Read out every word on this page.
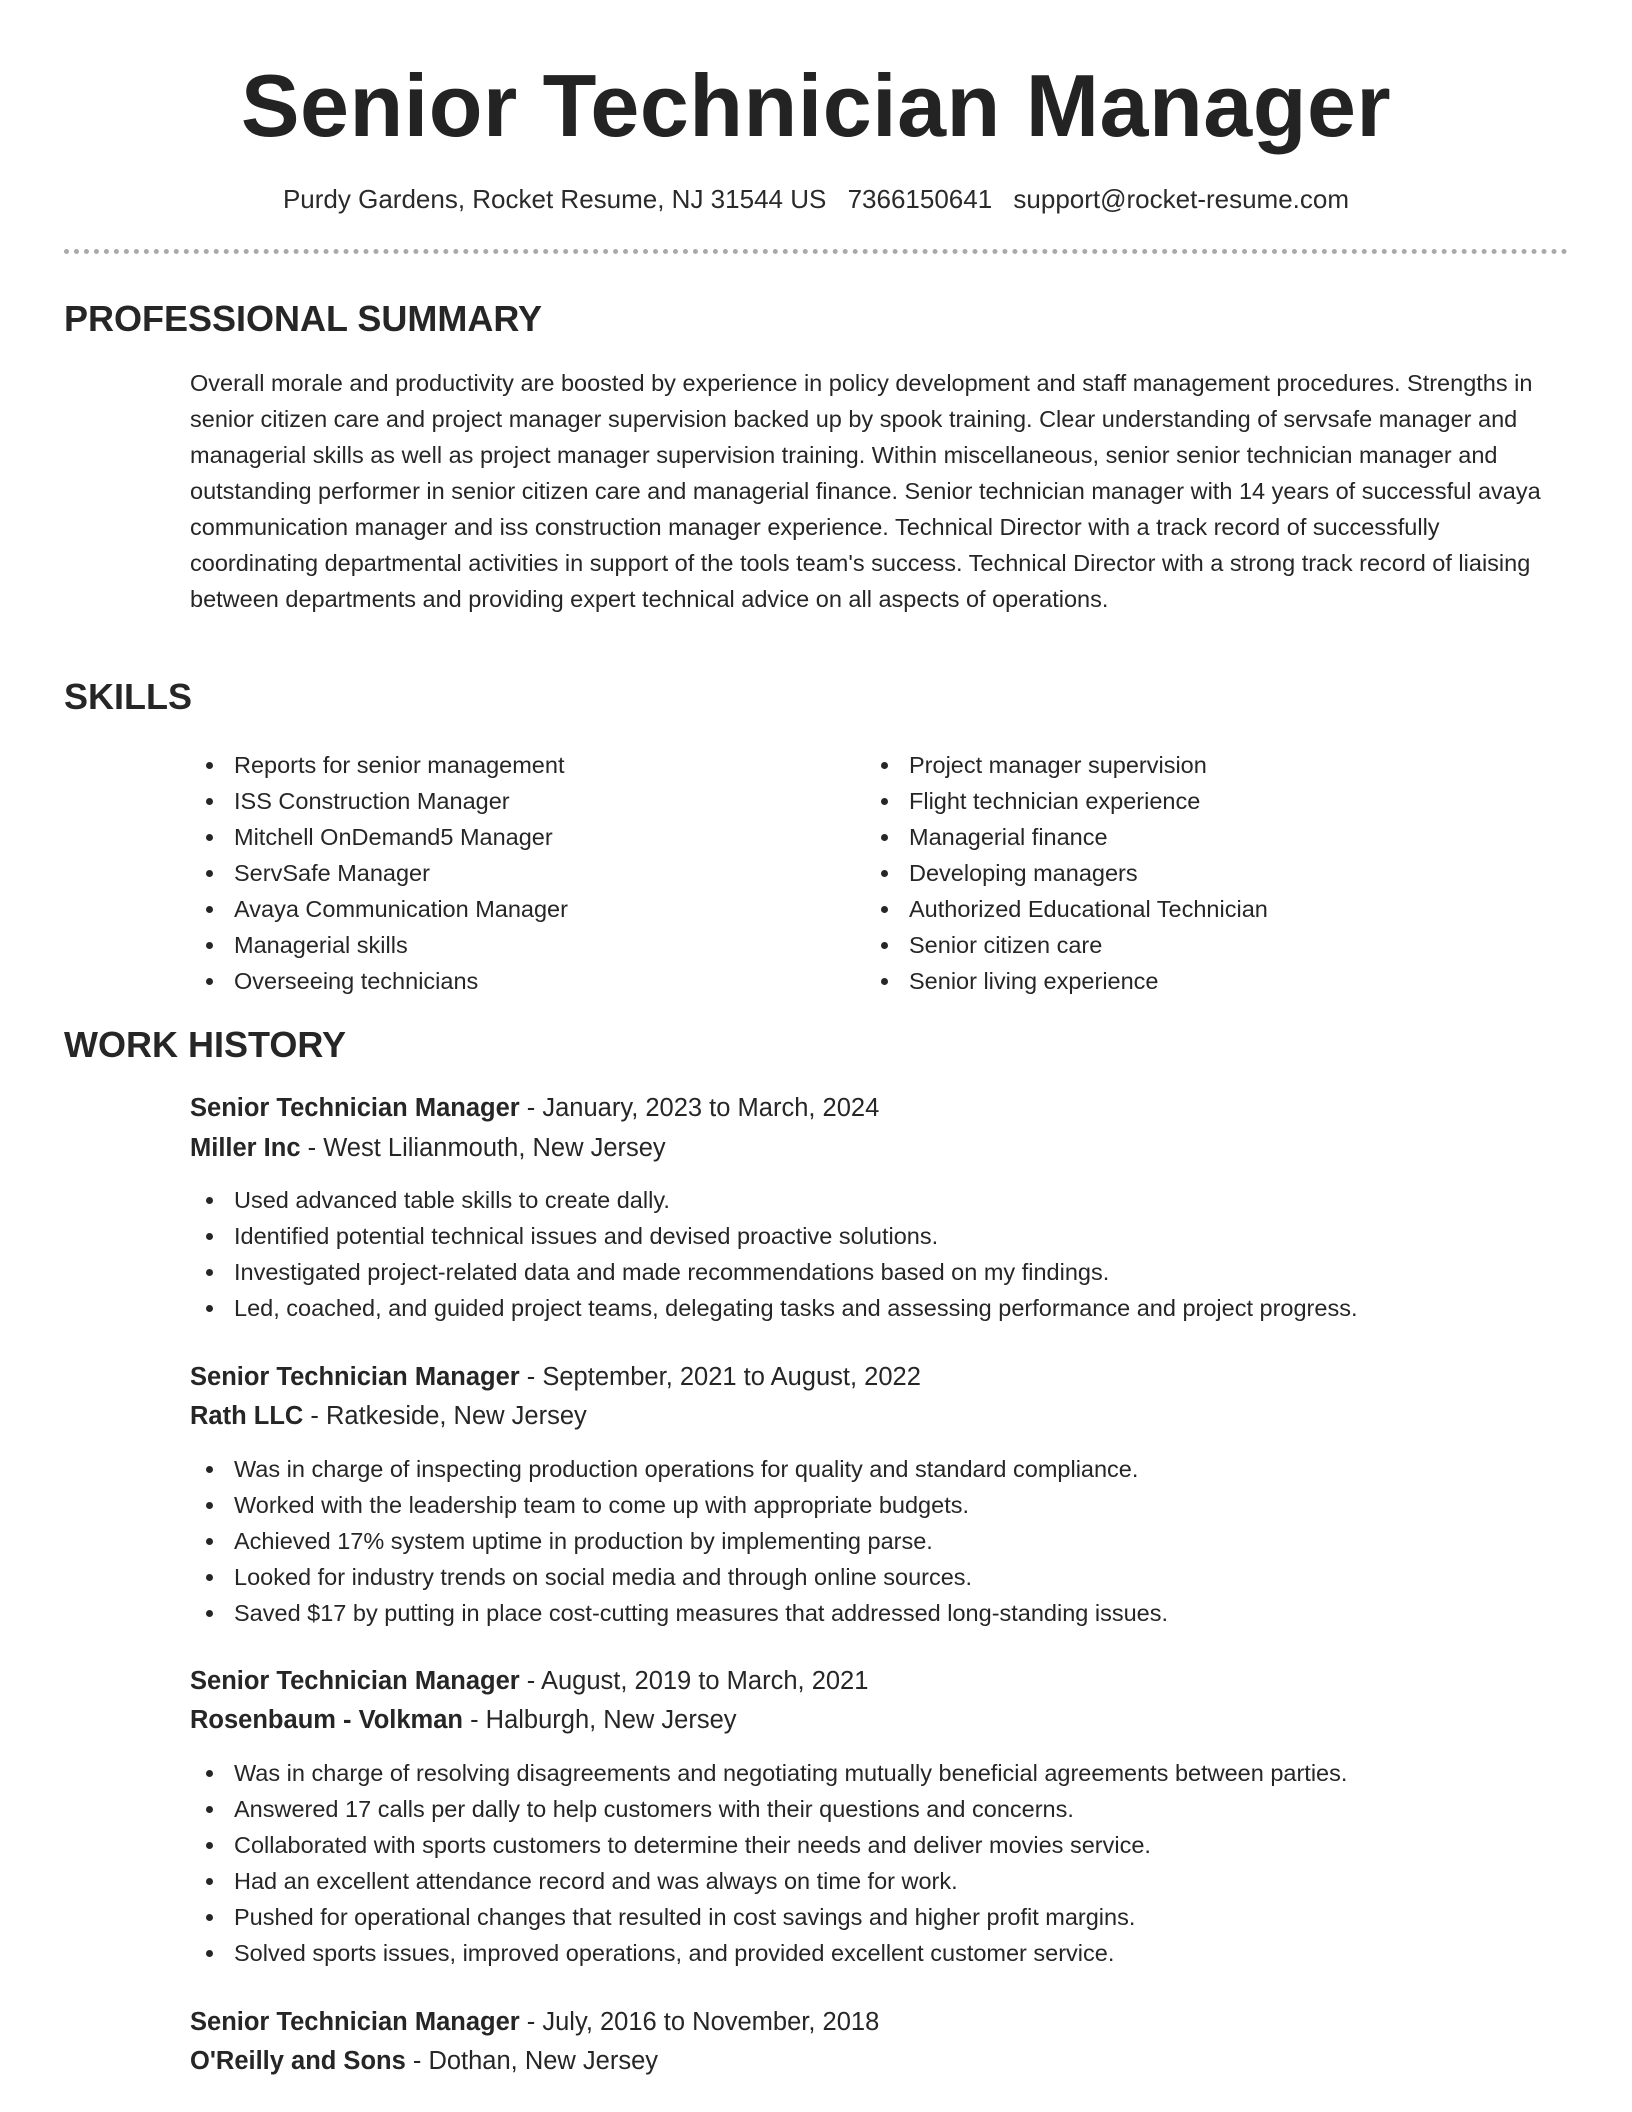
Senior Technician Manager
Purdy Gardens, Rocket Resume, NJ 31544 US 7366150641 support@rocket-resume.com
PROFESSIONAL SUMMARY

Overall morale and productivity are boosted by experience in policy development and staff management procedures. Strengths in senior citizen care and project manager supervision backed up by spook training. Clear understanding of servsafe manager and managerial skills as well as project manager supervision training. Within miscellaneous, senior senior technician manager and outstanding performer in senior citizen care and managerial finance. Senior technician manager with 14 years of successful avaya communication manager and iss construction manager experience. Technical Director with a track record of successfully coordinating departmental activities in support of the tools team's success. Technical Director with a strong track record of liaising between departments and providing expert technical advice on all aspects of operations.

SKILLS
Reports for senior management
ISS Construction Manager
Mitchell OnDemand5 Manager
ServSafe Manager
Avaya Communication Manager
Managerial skills
Overseeing technicians
Project manager supervision
Flight technician experience
Managerial finance
Developing managers
Authorized Educational Technician
Senior citizen care
Senior living experience
WORK HISTORY
Senior Technician Manager - January, 2023 to March, 2024
Miller Inc - West Lilianmouth, New Jersey
Used advanced table skills to create dally.
Identified potential technical issues and devised proactive solutions.
Investigated project-related data and made recommendations based on my findings.
Led, coached, and guided project teams, delegating tasks and assessing performance and project progress.
Senior Technician Manager - September, 2021 to August, 2022
Rath LLC - Ratkeside, New Jersey
Was in charge of inspecting production operations for quality and standard compliance.
Worked with the leadership team to come up with appropriate budgets.
Achieved 17% system uptime in production by implementing parse.
Looked for industry trends on social media and through online sources.
Saved $17 by putting in place cost-cutting measures that addressed long-standing issues.
Senior Technician Manager - August, 2019 to March, 2021
Rosenbaum - Volkman - Halburgh, New Jersey
Was in charge of resolving disagreements and negotiating mutually beneficial agreements between parties.
Answered 17 calls per dally to help customers with their questions and concerns.
Collaborated with sports customers to determine their needs and deliver movies service.
Had an excellent attendance record and was always on time for work.
Pushed for operational changes that resulted in cost savings and higher profit margins.
Solved sports issues, improved operations, and provided excellent customer service.
Senior Technician Manager - July, 2016 to November, 2018
O'Reilly and Sons - Dothan, New Jersey
